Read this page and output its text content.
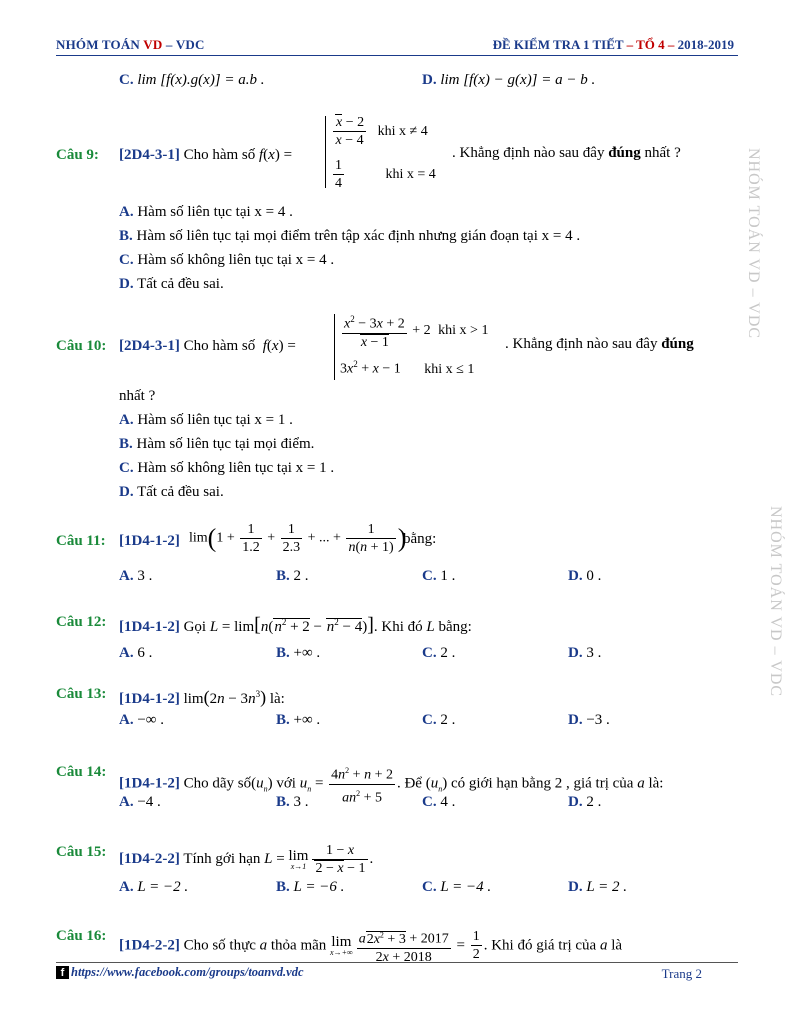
NHÓM TOÁN VD – VDC	ĐỀ KIỂM TRA 1 TIẾT – TỔ 4 – 2018-2019
NHÓM TOÁN VD – VDC
NHÓM TOÁN VD – VDC
C. lim [f(x).g(x)] = a.b .	D. lim [f(x) − g(x)] = a − b .
Câu 9: [2D4-3-1] Cho hàm số f(x) =
$\frac{x - 2}{x - 4}$ khi x ≠ 4
$\frac{1}{4}$	khi x = 4
. Khẳng định nào sau đây đúng nhất ?
A. Hàm số liên tục tại x = 4 .
B. Hàm số liên tục tại mọi điểm trên tập xác định nhưng gián đoạn tại x = 4 .
C. Hàm số không liên tục tại x = 4 .
D. Tất cả đều sai.
Câu 10: [2D4-3-1] Cho hàm số f(x) =	$\frac{x^2 - 3x + 2}{x - 1} + 2$ khi x > 1
$3x^2 + x - 1$ khi x ≤ 1
. Khẳng định nào sau đây đúng
nhất ?
A. Hàm số liên tục tại x = 1 .
B. Hàm số liên tục tại mọi điểm.
C. Hàm số không liên tục tại x = 1 .
D. Tất cả đều sai.
Câu 11: [1D4-1-2] $\lim(1 + \frac{1}{1.2} + \frac{1}{2.3}$ + ... + $\frac{1}{n(n + 1)}$ )
bằng:
A. 3 .	B. 2 .	C. 1 .	D. 0 .
Câu 12: [1D4-1-2] Gọi $L = \lim[n(n^2 + 2 - n^2 - 4)]$. Khi đó L bằng:
A. 6 .	B. +∞ .	C. 2 .	D. 3 .
Câu 13: [1D4-1-2] $\lim(2n - 3n^3)$ là:
A. −∞ .	B. +∞ .	C. 2 .	D. −3 .
Câu 14:
[1D4-1-2] Cho dãy $số(u_n)$ với $u_n = \frac{4n^2 + n + 2}{an^2 + 5}$ . Để $(u_n)$ có giới hạn bằng 2 , giá trị của a là:
A. −4 .	B. 3 .	C. 4 .	D. 2 .
Câu 15: [1D4-2-2] Tính gới hạn L = lim
$x\to 1 \frac{1 - x}{2 - x - 1}$ .
A. L = −2 .	B. L = −6 .	C. L = −4 .	D. L = 2 .
Câu 16:
[1D4-2-2] Cho số thực a thỏa mãn lim
$x\to+\infty \frac{a2x^2 + 3 + 2017}{2x + 2018} = \frac{1}{2}$ . Khi đó giá trị của a là
f https://www.facebook.com/groups/toanvd.vdc	Trang 2
